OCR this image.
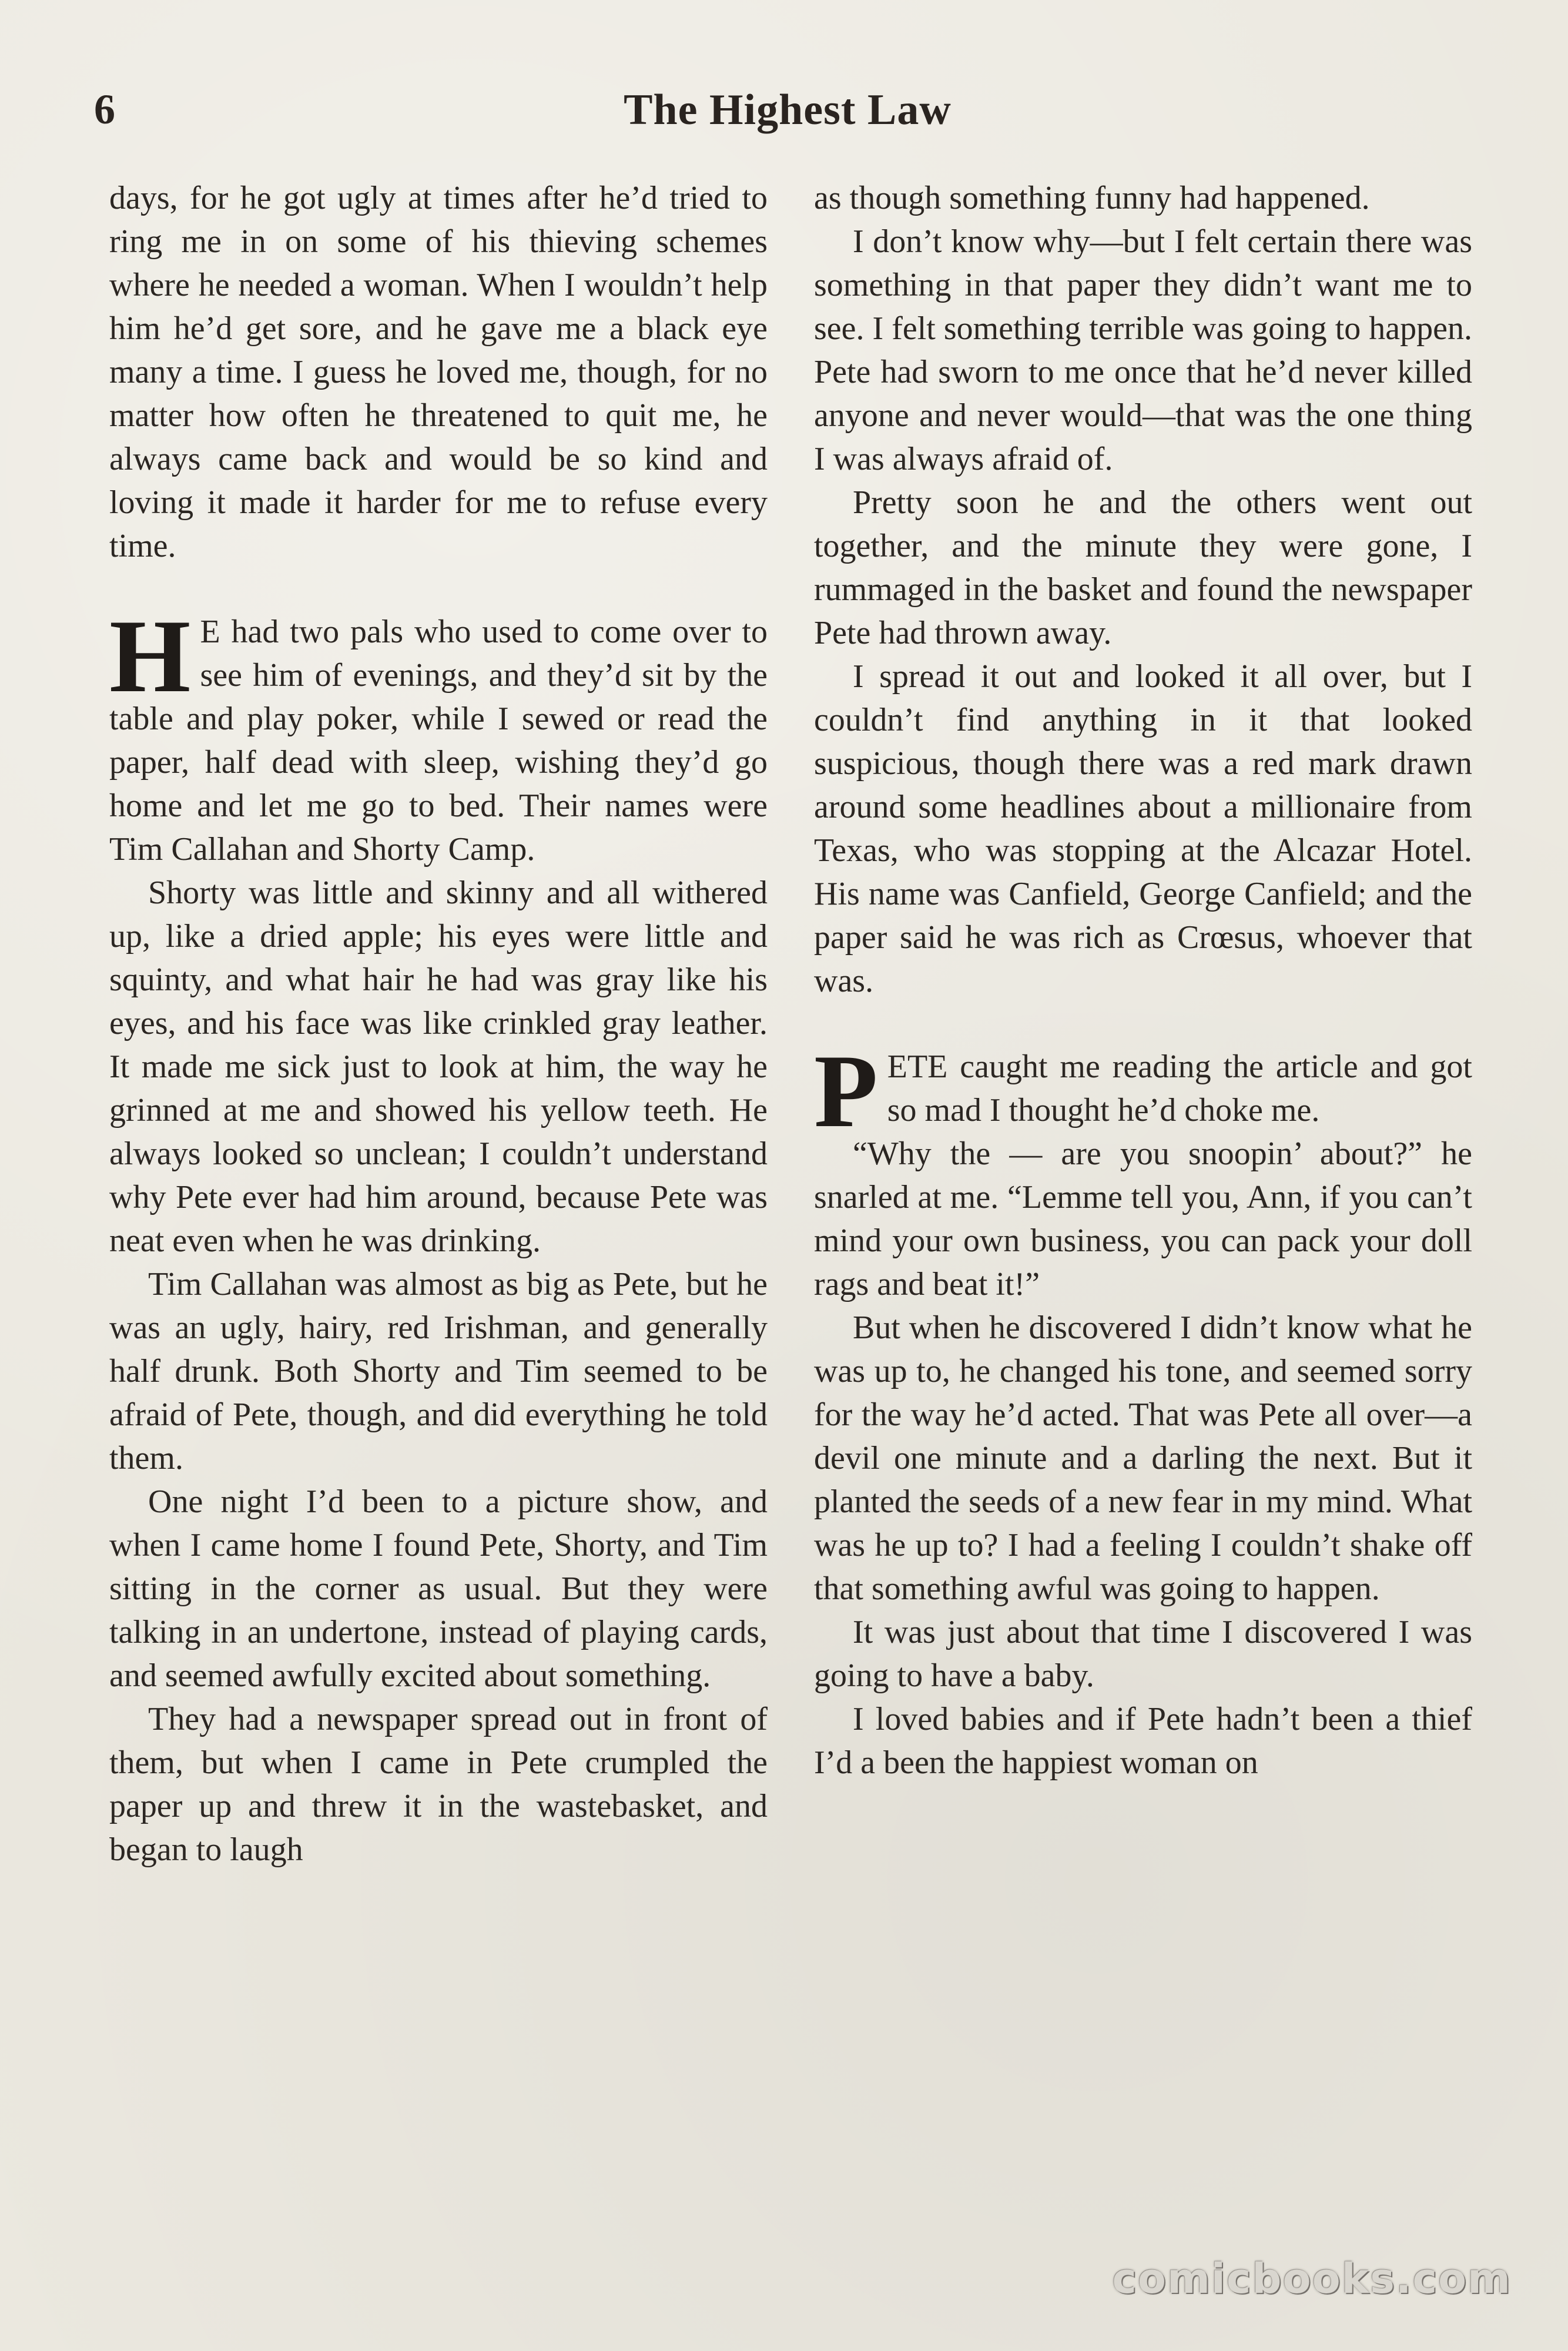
6	The Highest Law

days, for he got ugly at times after he’d tried to ring me in on some of his thieving schemes where he needed a woman. When I wouldn’t help him he’d get sore, and he gave me a black eye many a time. I guess he loved me, though, for no matter how often he threatened to quit me, he always came back and would be so kind and loving it made it harder for me to refuse every time.

H E had two pals who used to come over to see him of evenings, and they’d sit by the table and play poker, while I sewed or read the paper, half dead with sleep, wishing they’d go home and let me go to bed. Their names were Tim Callahan and Shorty Camp.

Shorty was little and skinny and all withered up, like a dried apple; his eyes were little and squinty, and what hair he had was gray like his eyes, and his face was like crinkled gray leather. It made me sick just to look at him, the way he grinned at me and showed his yellow teeth. He always looked so unclean; I couldn’t understand why Pete ever had him around, because Pete was neat even when he was drinking.

Tim Callahan was almost as big as Pete, but he was an ugly, hairy, red Irishman, and generally half drunk. Both Shorty and Tim seemed to be afraid of Pete, though, and did everything he told them.

One night I’d been to a picture show, and when I came home I found Pete, Shorty, and Tim sitting in the corner as usual. But they were talking in an undertone, instead of playing cards, and seemed awfully excited about something.

They had a newspaper spread out in front of them, but when I came in Pete crumpled the paper up and threw it in the wastebasket, and began to laugh

as though something funny had happened.

I don’t know why—but I felt certain there was something in that paper they didn’t want me to see. I felt something terrible was going to happen. Pete had sworn to me once that he’d never killed anyone and never would—that was the one thing I was always afraid of.

Pretty soon he and the others went out together, and the minute they were gone, I rummaged in the basket and found the newspaper Pete had thrown away.

I spread it out and looked it all over, but I couldn’t find anything in it that looked suspicious, though there was a red mark drawn around some headlines about a millionaire from Texas, who was stopping at the Alcazar Hotel. His name was Canfield, George Canfield; and the paper said he was rich as Crœsus, whoever that was.

PETE caught me reading the article and got so mad I thought he’d choke me.

“Why the — are you snoopin’ about?” he snarled at me. “Lemme tell you, Ann, if you can’t mind your own business, you can pack your doll rags and beat it!”

But when he discovered I didn’t know what he was up to, he changed his tone, and seemed sorry for the way he’d acted. That was Pete all over—a devil one minute and a darling the next. But it planted the seeds of a new fear in my mind. What was he up to? I had a feeling I couldn’t shake off that something awful was going to happen.

It was just about that time I discovered I was going to have a baby.

I loved babies and if Pete hadn’t been a thief I’d a been the happiest woman on

comicbooks.com
